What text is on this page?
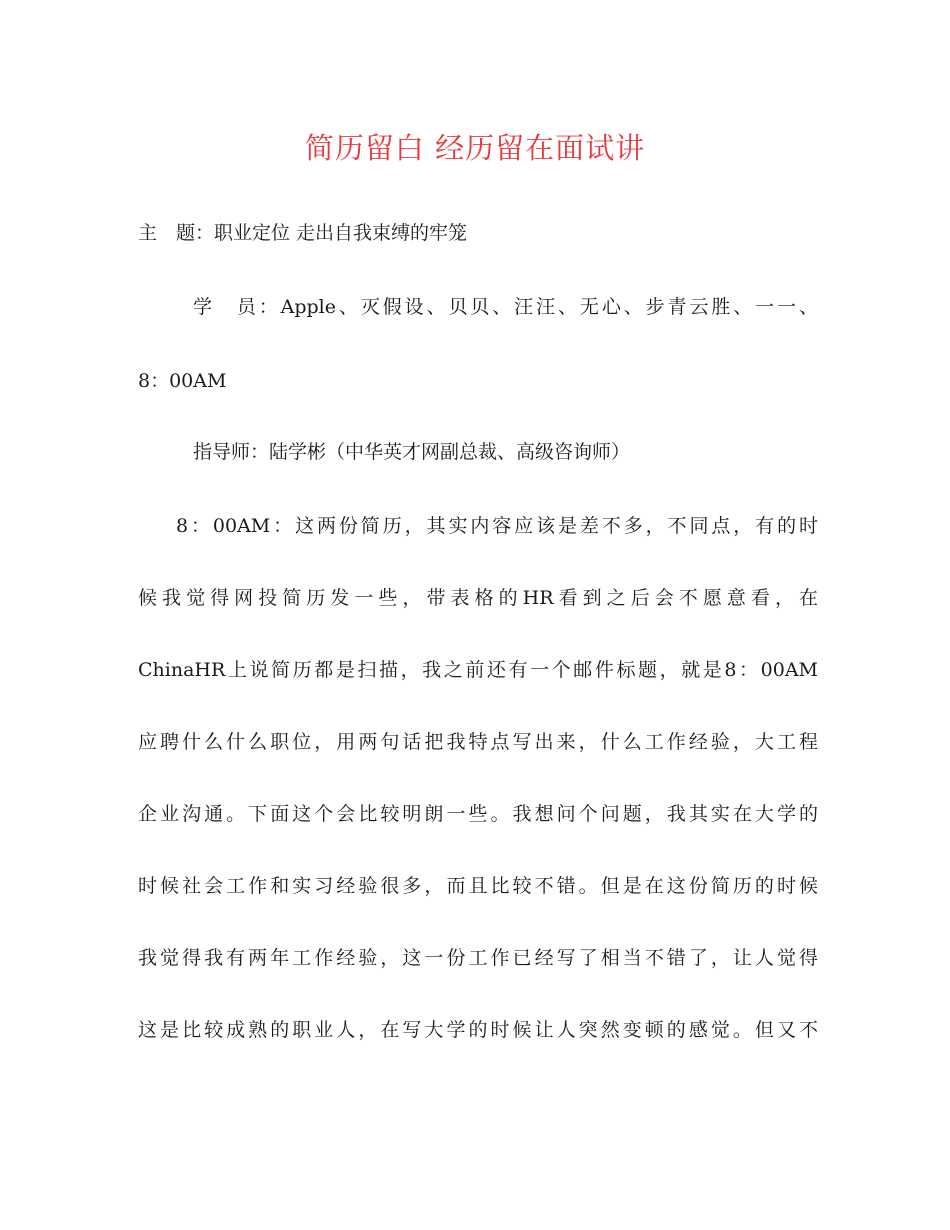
简历留白 经历留在面试讲

主　题：职业定位 走出自我束缚的牢笼

学　员：Apple、灭假设、贝贝、汪汪、无心、步青云胜、一一、

8：00AM

指导师：陆学彬（中华英才网副总裁、高级咨询师）

8：00AM：这两份简历，其实内容应该是差不多，不同点，有的时

候我觉得网投简历发一些，带表格的HR看到之后会不愿意看，在

ChinaHR上说简历都是扫描，我之前还有一个邮件标题，就是8：00AM

应聘什么什么职位，用两句话把我特点写出来，什么工作经验，大工程

企业沟通。下面这个会比较明朗一些。我想问个问题，我其实在大学的

时候社会工作和实习经验很多，而且比较不错。但是在这份简历的时候

我觉得我有两年工作经验，这一份工作已经写了相当不错了，让人觉得

这是比较成熟的职业人，在写大学的时候让人突然变顿的感觉。但又不
